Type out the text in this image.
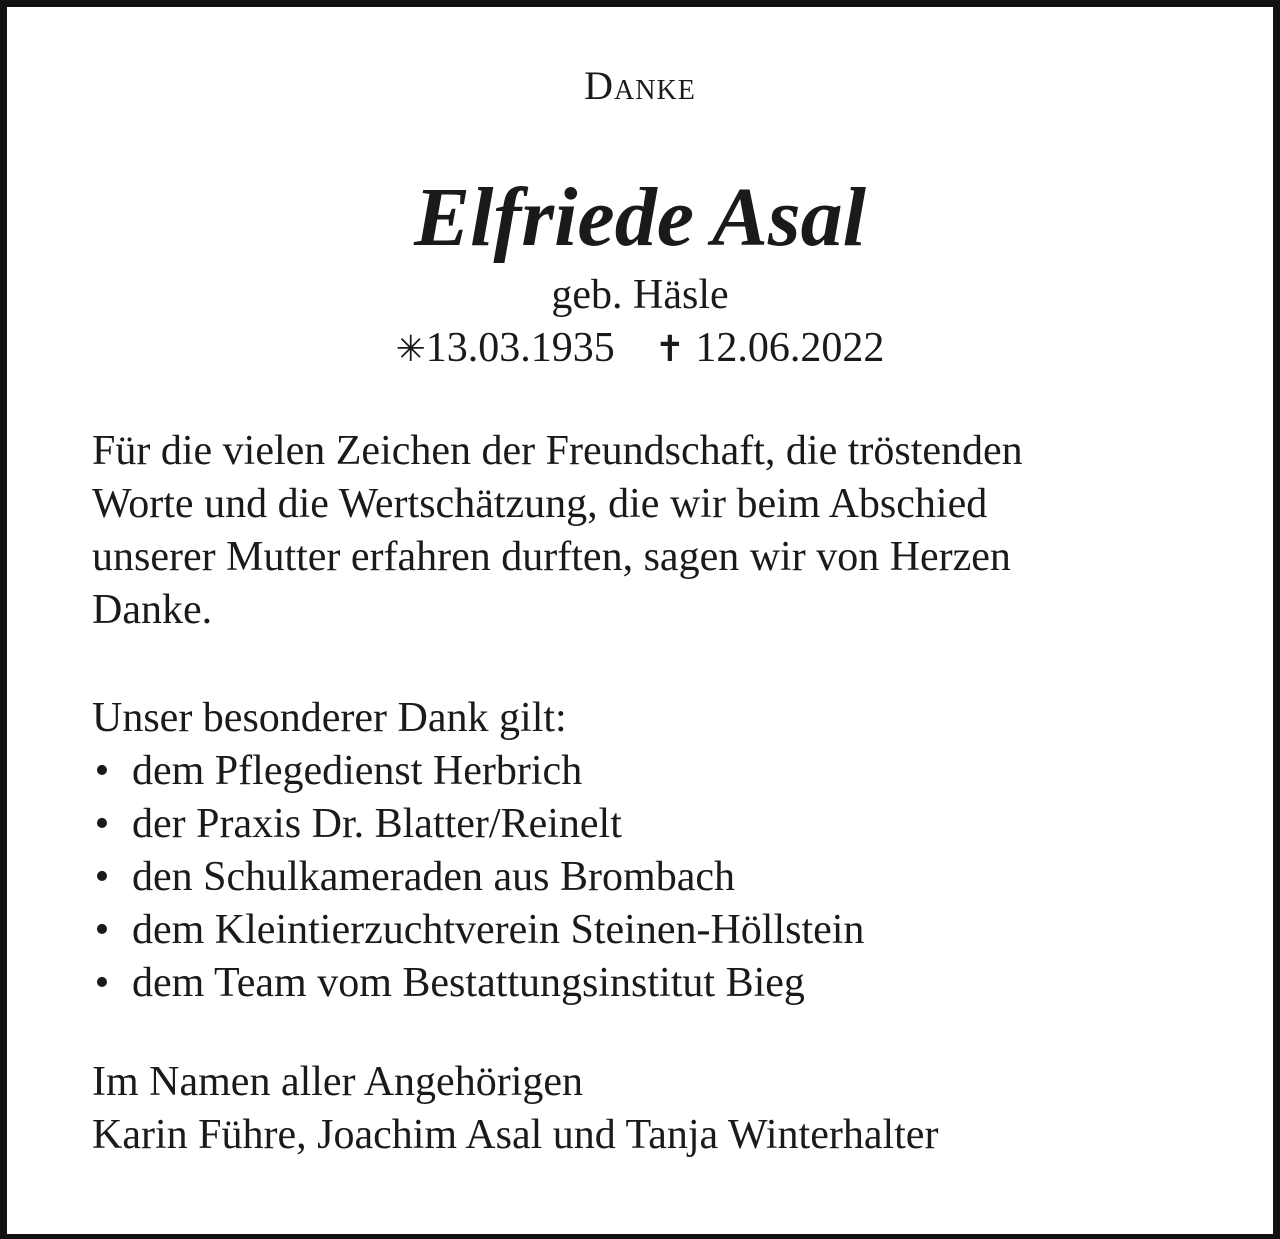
Danke
Elfriede Asal
geb. Häsle
✳13.03.1935 ✝ 12.06.2022
Für die vielen Zeichen der Freundschaft, die tröstenden
Worte und die Wertschätzung, die wir beim Abschied
unserer Mutter erfahren durften, sagen wir von Herzen
Danke.
Unser besonderer Dank gilt:
• dem Pflegedienst Herbrich
• der Praxis Dr. Blatter/Reinelt
• den Schulkameraden aus Brombach
• dem Kleintierzuchtverein Steinen-Höllstein
• dem Team vom Bestattungsinstitut Bieg
Im Namen aller Angehörigen
Karin Führe, Joachim Asal und Tanja Winterhalter
